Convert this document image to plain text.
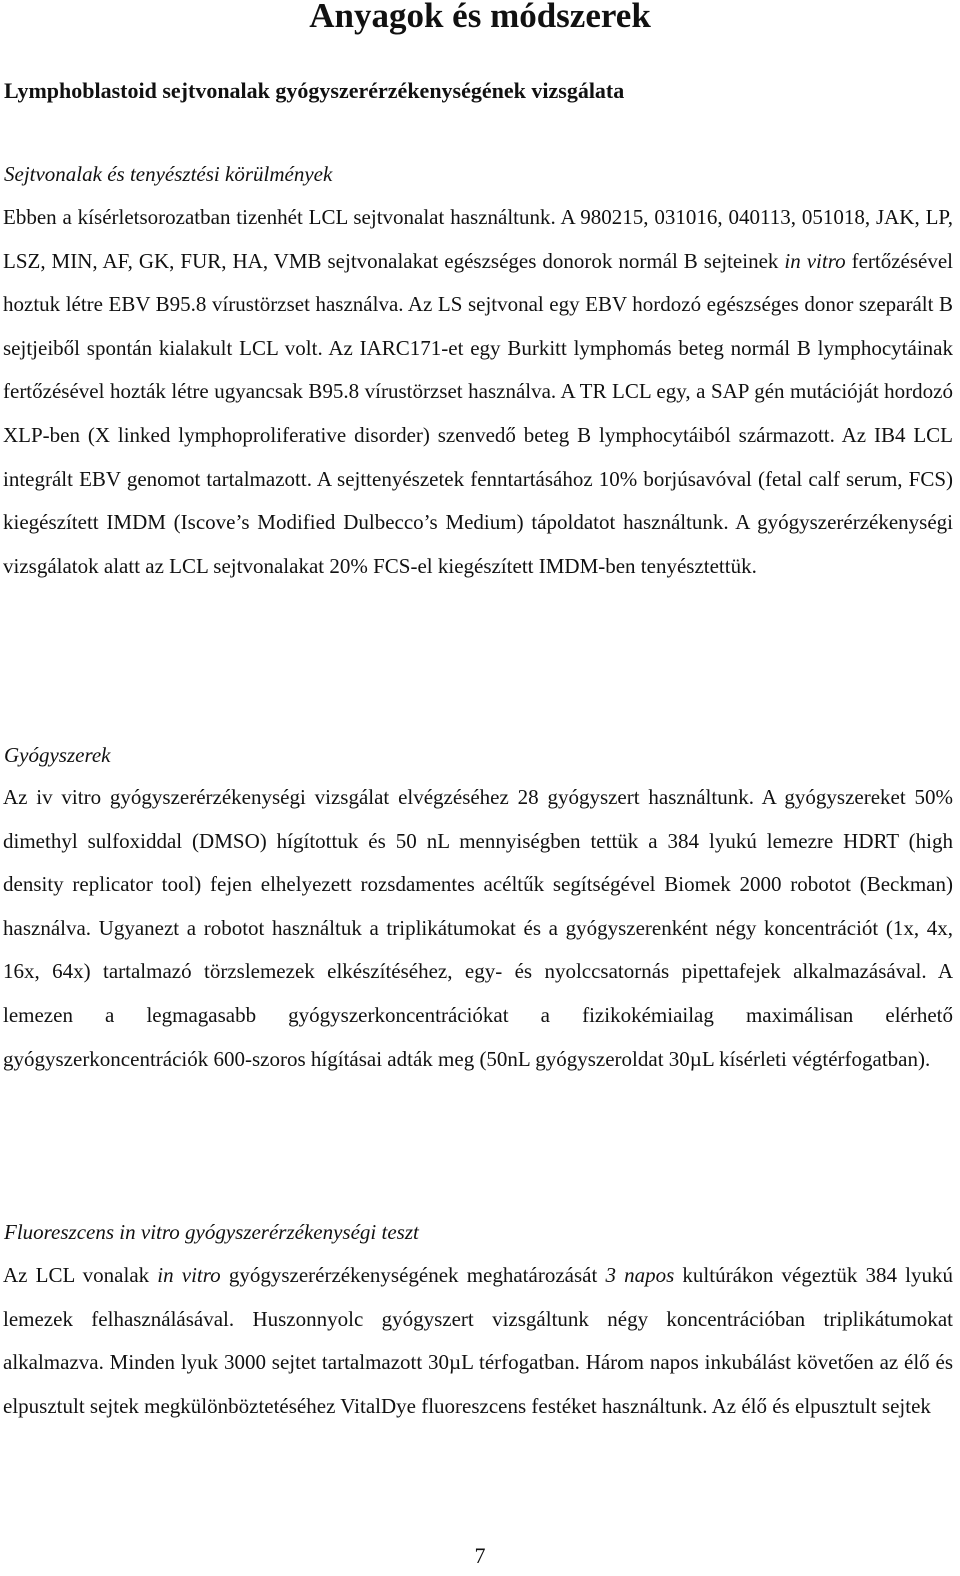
Anyagok és módszerek
Lymphoblastoid sejtvonalak gyógyszerérzékenységének vizsgálata
Sejtvonalak és tenyésztési körülmények

Ebben a kísérletsorozatban tizenhét LCL sejtvonalat használtunk. A 980215, 031016, 040113, 051018, JAK, LP, LSZ, MIN, AF, GK, FUR, HA, VMB sejtvonalakat egészséges donorok normál B sejteinek in vitro fertőzésével hoztuk létre EBV B95.8 vírustörzset használva. Az LS sejtvonal egy EBV hordozó egészséges donor szeparált B sejtjeiből spontán kialakult LCL volt. Az IARC171-et egy Burkitt lymphomás beteg normál B lymphocytáinak fertőzésével hozták létre ugyancsak B95.8 vírustörzset használva. A TR LCL egy, a SAP gén mutációját hordozó XLP-ben (X linked lymphoproliferative disorder) szenvedő beteg B lymphocytáiból származott. Az IB4 LCL integrált EBV genomot tartalmazott. A sejttenyészetek fenntartásához 10% borjúsavóval (fetal calf serum, FCS) kiegészített IMDM (Iscove’s Modified Dulbecco’s Medium) tápoldatot használtunk. A gyógyszerérzékenységi vizsgálatok alatt az LCL sejtvonalakat 20% FCS-el kiegészített IMDM-ben tenyésztettük.

Gyógyszerek

Az iv vitro gyógyszerérzékenységi vizsgálat elvégzéséhez 28 gyógyszert használtunk. A gyógyszereket 50% dimethyl sulfoxiddal (DMSO) hígítottuk és 50 nL mennyiségben tettük a 384 lyukú lemezre HDRT (high density replicator tool) fejen elhelyezett rozsdamentes acéltűk segítségével Biomek 2000 robotot (Beckman) használva. Ugyanezt a robotot használtuk a triplikátumokat és a gyógyszerenként négy koncentrációt (1x, 4x, 16x, 64x) tartalmazó törzslemezek elkészítéséhez, egy- és nyolccsatornás pipettafejek alkalmazásával. A lemezen a legmagasabb gyógyszerkoncentrációkat a fizikokémiailag maximálisan elérhető gyógyszerkoncentrációk 600-szoros hígításai adták meg (50nL gyógyszeroldat 30µL kísérleti végtérfogatban).

Fluoreszcens in vitro gyógyszerérzékenységi teszt

Az LCL vonalak in vitro gyógyszerérzékenységének meghatározását 3 napos kultúrákon végeztük 384 lyukú lemezek felhasználásával. Huszonnyolc gyógyszert vizsgáltunk négy koncentrációban triplikátumokat alkalmazva. Minden lyuk 3000 sejtet tartalmazott 30µL térfogatban. Három napos inkubálást követően az élő és elpusztult sejtek megkülönböztetéséhez VitalDye fluoreszcens festéket használtunk. Az élő és elpusztult sejtek

7
